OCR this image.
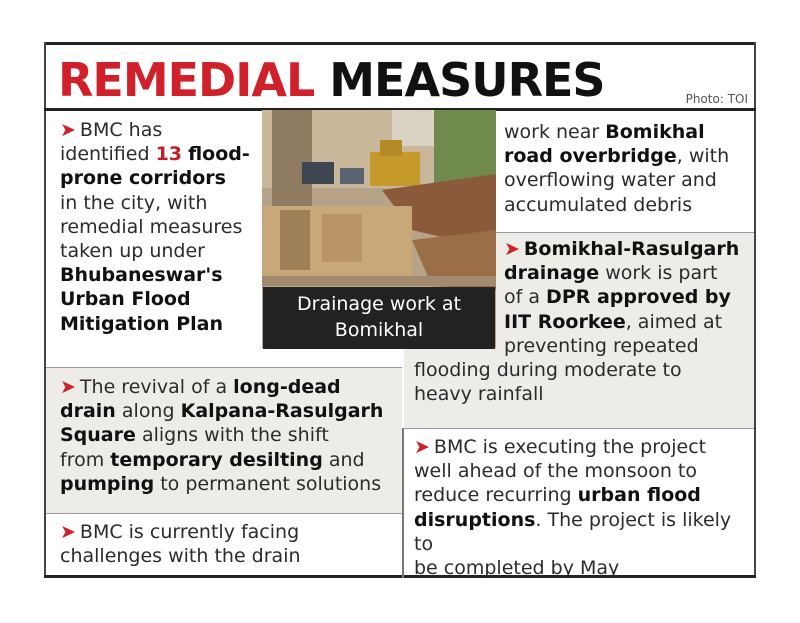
REMEDIAL MEASURES	Photo: TOI
Drainage work at
Bomikhal
➤ BMC has
identified 13 flood-
prone corridors
in the city, with
remedial measures
taken up under
Bhubaneswar's
Urban Flood
Mitigation Plan
➤ The revival of a long-dead
drain along Kalpana-Rasulgarh
Square aligns with the shift
from temporary desilting and
pumping to permanent solutions
➤ BMC is currently facing
challenges with the drain
work near Bomikhal
road overbridge, with
overflowing water and
accumulated debris
➤ Bomikhal-Rasulgarh
drainage work is part
of a DPR approved by
IIT Roorkee, aimed at
preventing repeated
flooding during moderate to
heavy rainfall
➤ BMC is executing the project
well ahead of the monsoon to
reduce recurring urban flood
disruptions. The project is likely to
be completed by May
